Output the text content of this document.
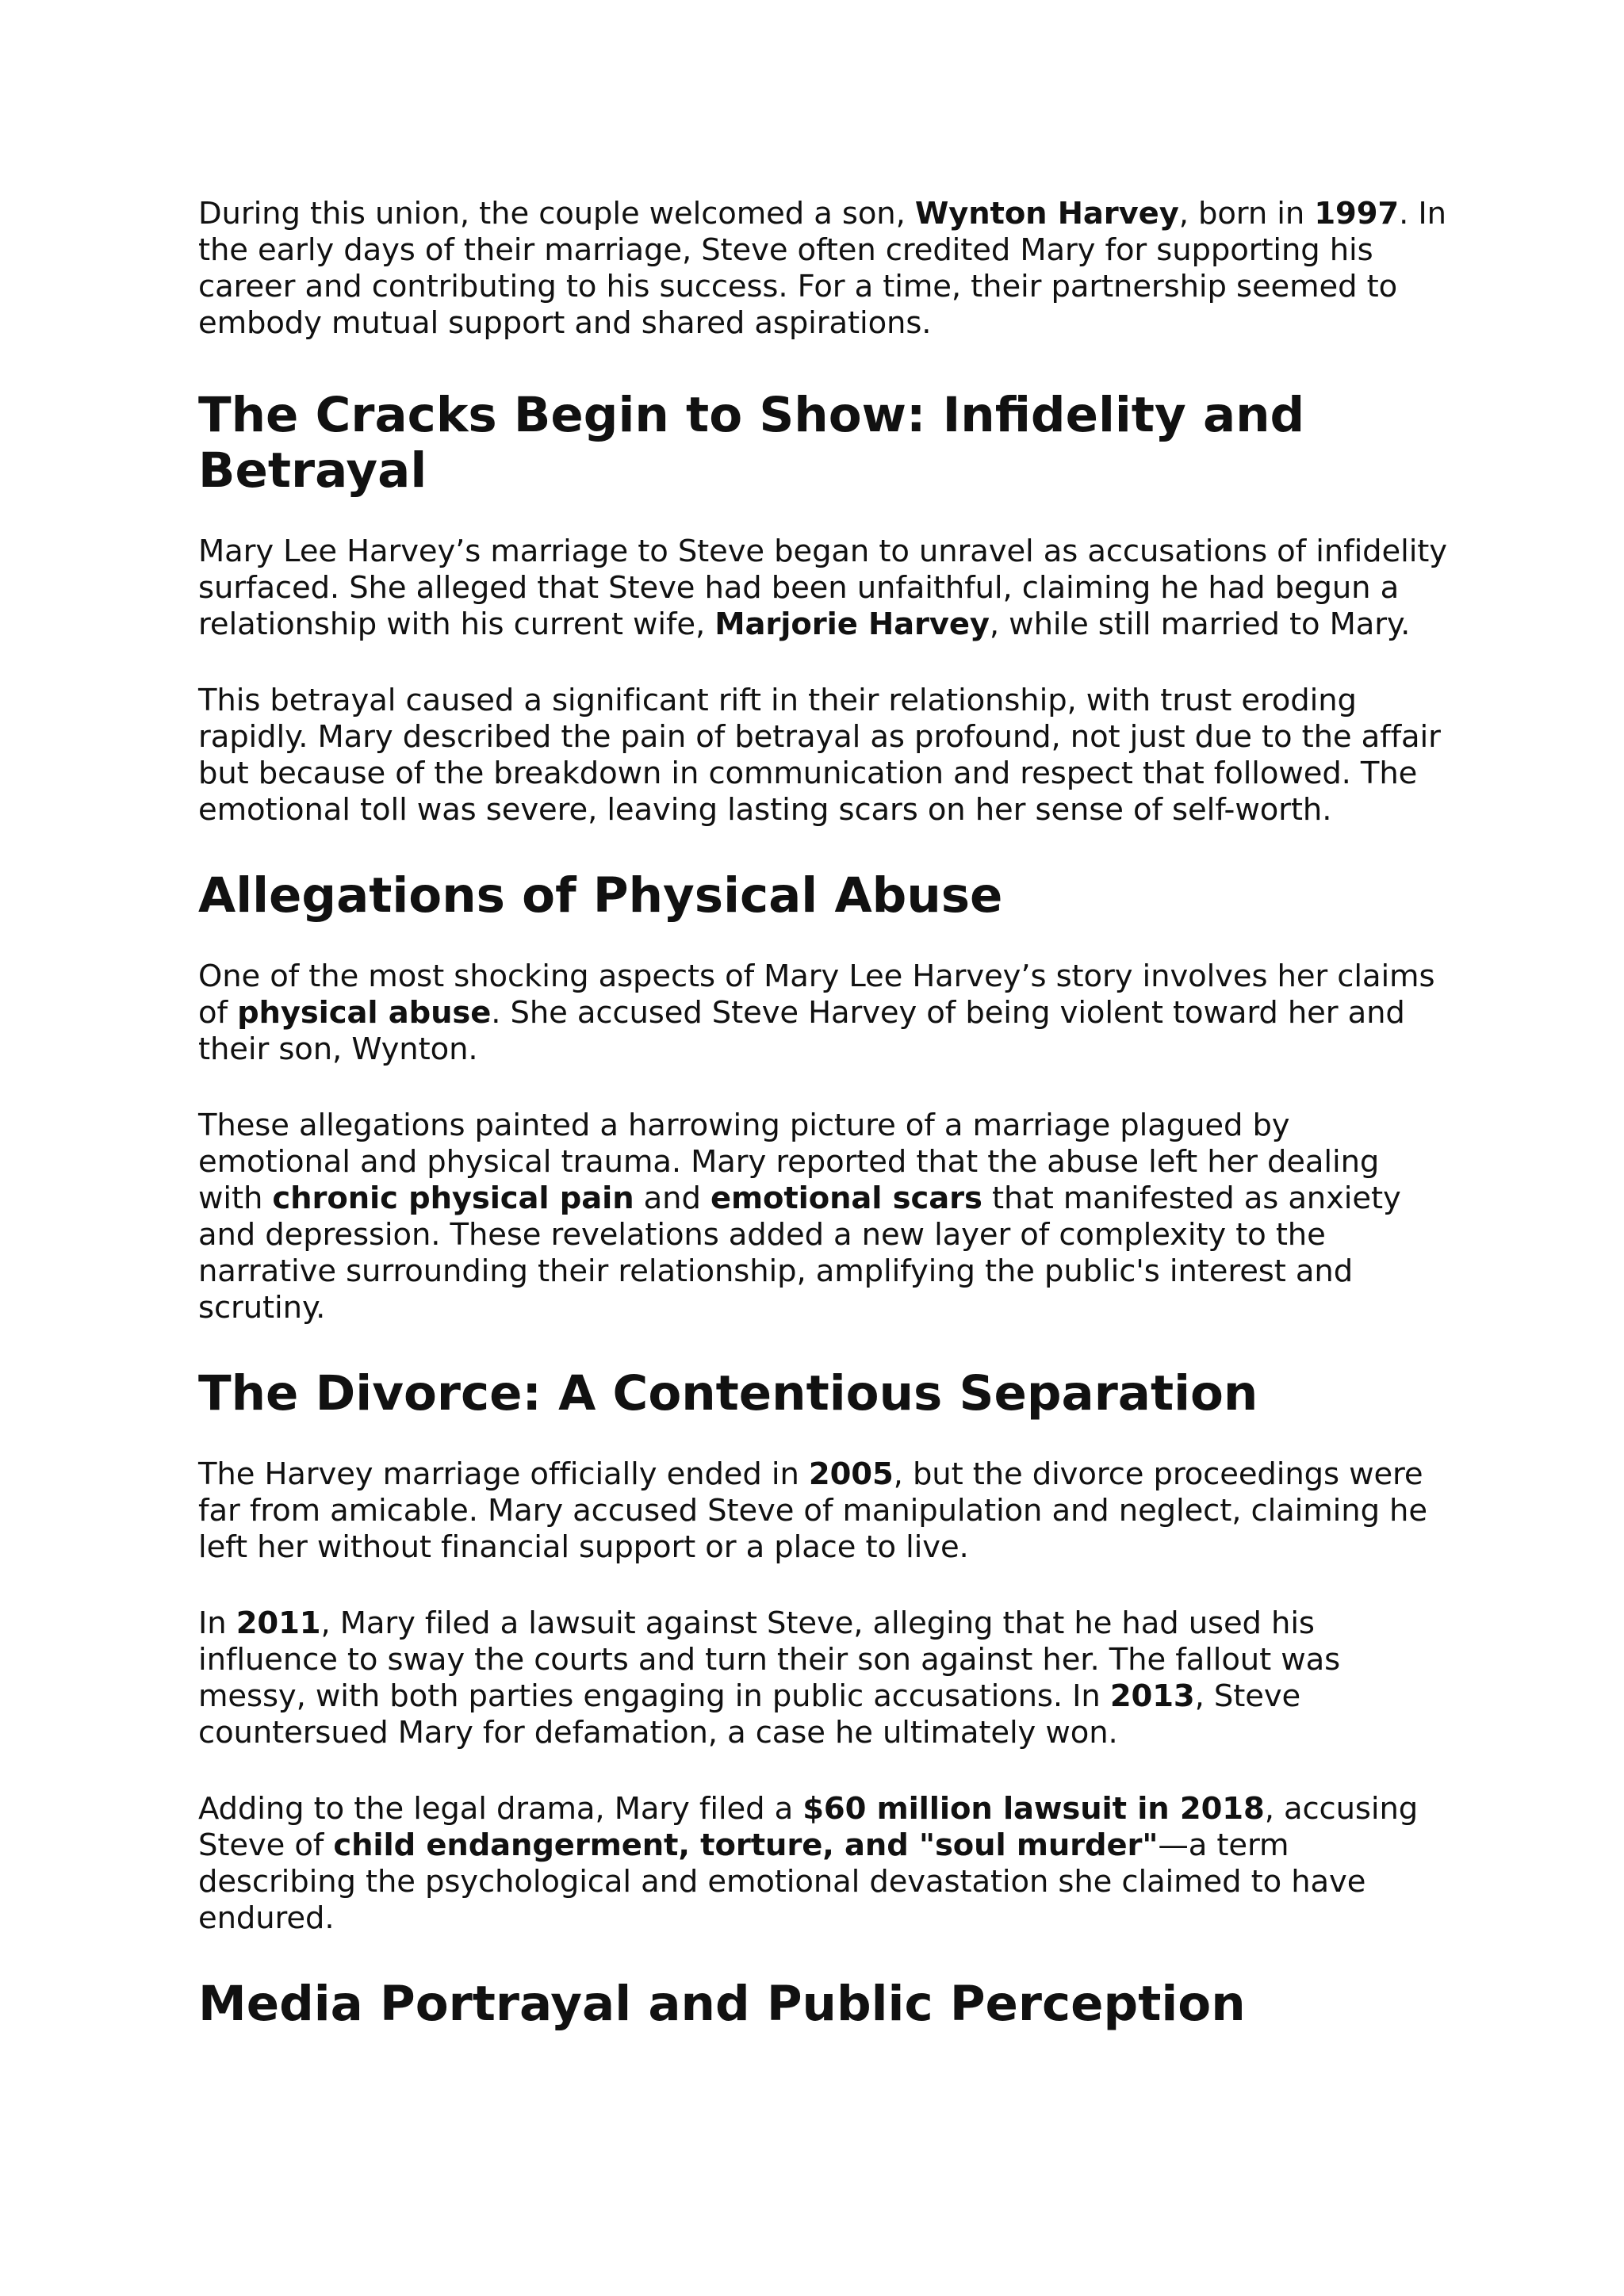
During this union, the couple welcomed a son, Wynton Harvey, born in 1997. In the early days of their marriage, Steve often credited Mary for supporting his career and contributing to his success. For a time, their partnership seemed to embody mutual support and shared aspirations.

The Cracks Begin to Show: Infidelity and Betrayal

Mary Lee Harvey’s marriage to Steve began to unravel as accusations of infidelity surfaced. She alleged that Steve had been unfaithful, claiming he had begun a relationship with his current wife, Marjorie Harvey, while still married to Mary.

This betrayal caused a significant rift in their relationship, with trust eroding rapidly. Mary described the pain of betrayal as profound, not just due to the affair but because of the breakdown in communication and respect that followed. The emotional toll was severe, leaving lasting scars on her sense of self-worth.

Allegations of Physical Abuse

One of the most shocking aspects of Mary Lee Harvey’s story involves her claims of physical abuse. She accused Steve Harvey of being violent toward her and their son, Wynton.

These allegations painted a harrowing picture of a marriage plagued by emotional and physical trauma. Mary reported that the abuse left her dealing with chronic physical pain and emotional scars that manifested as anxiety and depression. These revelations added a new layer of complexity to the narrative surrounding their relationship, amplifying the public's interest and scrutiny.

The Divorce: A Contentious Separation

The Harvey marriage officially ended in 2005, but the divorce proceedings were far from amicable. Mary accused Steve of manipulation and neglect, claiming he left her without financial support or a place to live.

In 2011, Mary filed a lawsuit against Steve, alleging that he had used his influence to sway the courts and turn their son against her. The fallout was messy, with both parties engaging in public accusations. In 2013, Steve countersued Mary for defamation, a case he ultimately won.

Adding to the legal drama, Mary filed a $60 million lawsuit in 2018, accusing Steve of child endangerment, torture, and "soul murder"—a term describing the psychological and emotional devastation she claimed to have endured.

Media Portrayal and Public Perception
